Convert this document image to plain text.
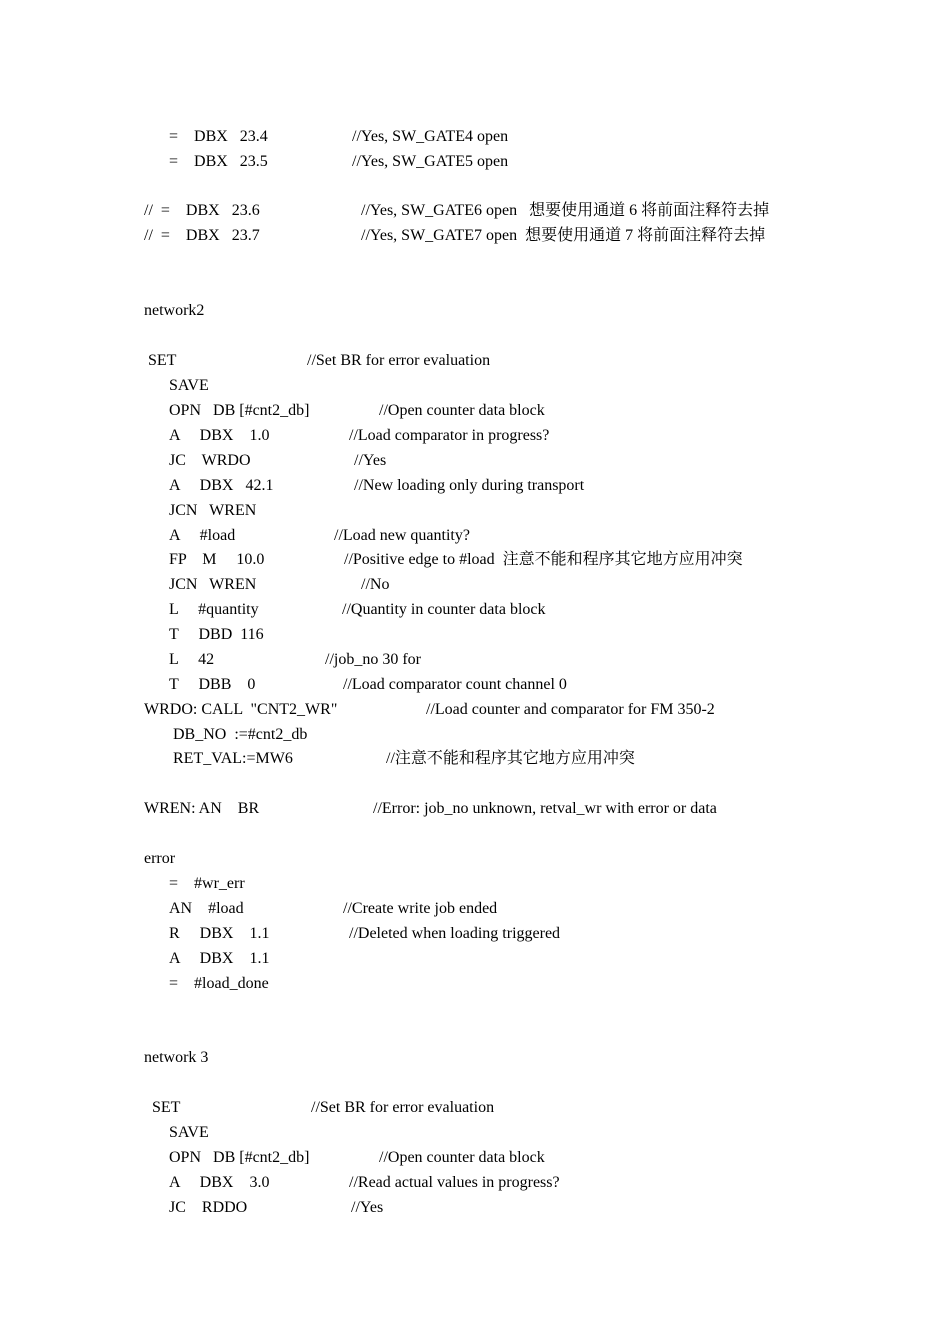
=    DBX   23.4	//Yes, SW_GATE4 open
=    DBX   23.5	//Yes, SW_GATE5 open
//  =    DBX   23.6	//Yes, SW_GATE6 open   想要使用通道 6 将前面注释符去掉
//  =    DBX   23.7	//Yes, SW_GATE7 open  想要使用通道 7 将前面注释符去掉
network2
SET	//Set BR for error evaluation
SAVE
OPN   DB [#cnt2_db]	//Open counter data block
A     DBX    1.0	//Load comparator in progress?
JC    WRDO	//Yes
A     DBX   42.1	//New loading only during transport
JCN   WREN
A     #load	//Load new quantity?
FP    M     10.0	//Positive edge to #load  注意不能和程序其它地方应用冲突
JCN   WREN	//No
L     #quantity	//Quantity in counter data block
T     DBD  116
L     42	//job_no 30 for
T     DBB    0	//Load comparator count channel 0
WRDO: CALL  "CNT2_WR"	//Load counter and comparator for FM 350-2
DB_NO  :=#cnt2_db
RET_VAL:=MW6	//注意不能和程序其它地方应用冲突
WREN: AN    BR	//Error: job_no unknown, retval_wr with error or data
error
=    #wr_err
AN    #load	//Create write job ended
R     DBX    1.1	//Deleted when loading triggered
A     DBX    1.1
=    #load_done
network 3
SET	//Set BR for error evaluation
SAVE
OPN   DB [#cnt2_db]	//Open counter data block
A     DBX    3.0	//Read actual values in progress?
JC    RDDO	//Yes
